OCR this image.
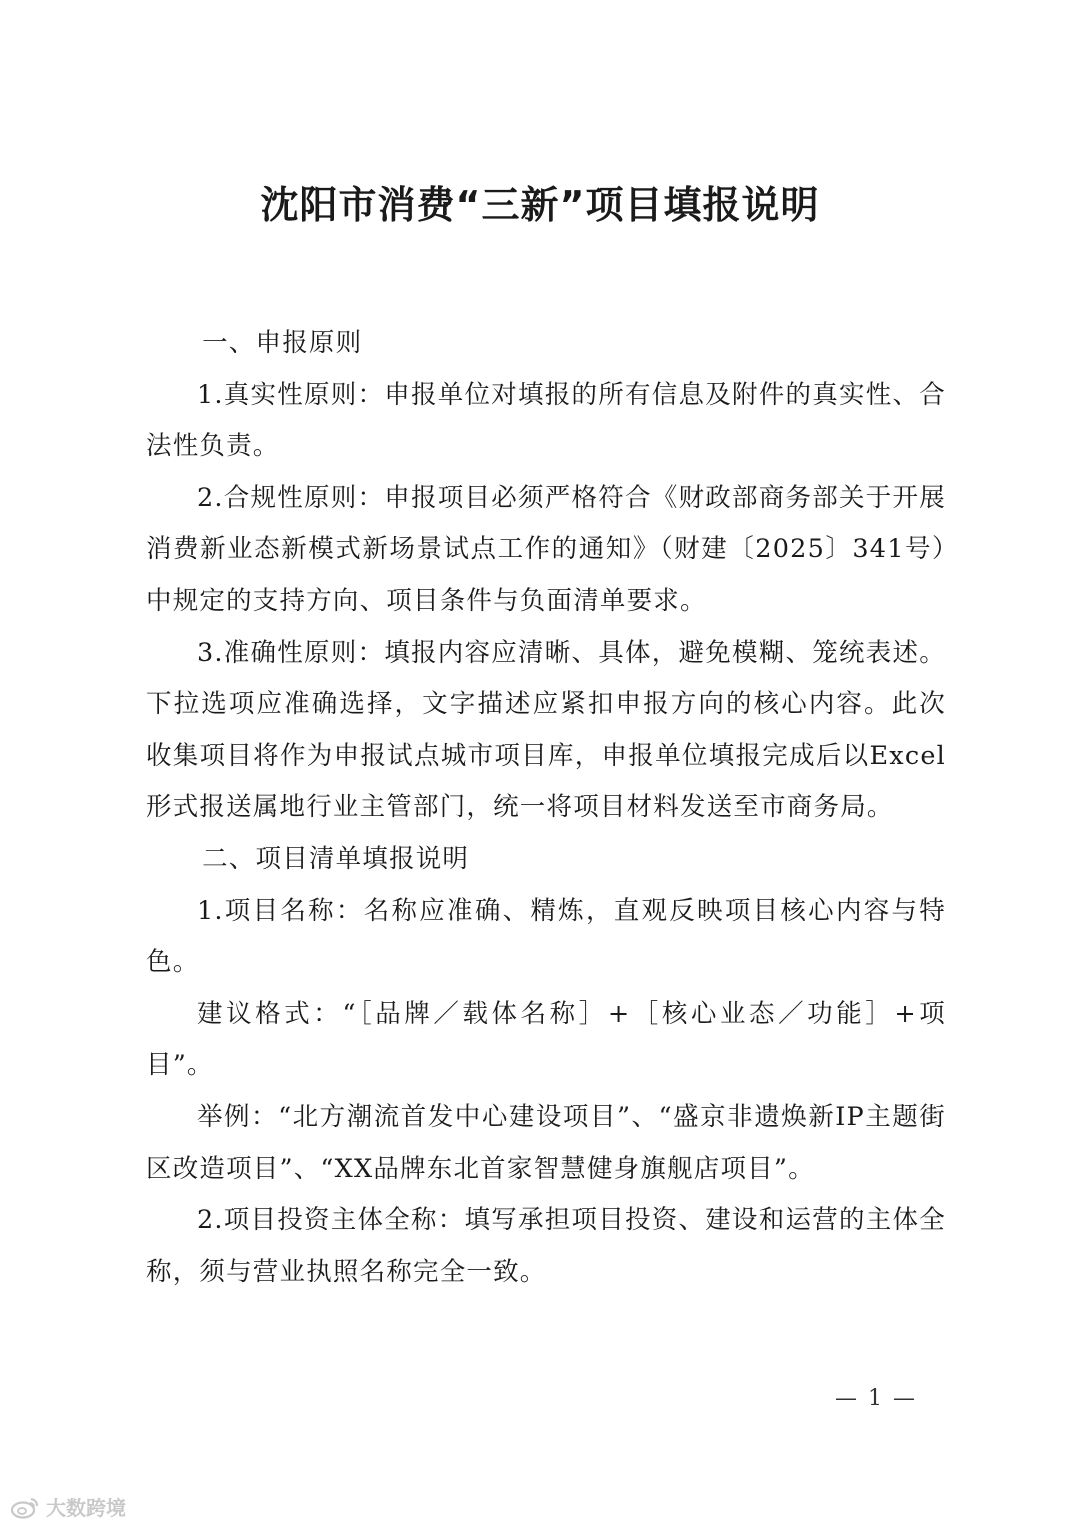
沈阳市消费“三新”项目填报说明

一、申报原则

1.真实性原则：申报单位对填报的所有信息及附件的真实性、合法性负责。

2.合规性原则：申报项目必须严格符合《财政部商务部关于开展消费新业态新模式新场景试点工作的通知》（财建〔2025〕341号）中规定的支持方向、项目条件与负面清单要求。

3.准确性原则：填报内容应清晰、具体，避免模糊、笼统表述。下拉选项应准确选择，文字描述应紧扣申报方向的核心内容。此次收集项目将作为申报试点城市项目库，申报单位填报完成后以Excel形式报送属地行业主管部门，统一将项目材料发送至市商务局。

二、项目清单填报说明

1.项目名称：名称应准确、精炼，直观反映项目核心内容与特色。

建议格式：“［品牌／载体名称］+［核心业态／功能］+项目”。

举例：“北方潮流首发中心建设项目”、“盛京非遗焕新IP主题街区改造项目”、“XX品牌东北首家智慧健身旗舰店项目”。

2.项目投资主体全称：填写承担项目投资、建设和运营的主体全称，须与营业执照名称完全一致。

— 1 —
大数跨境
